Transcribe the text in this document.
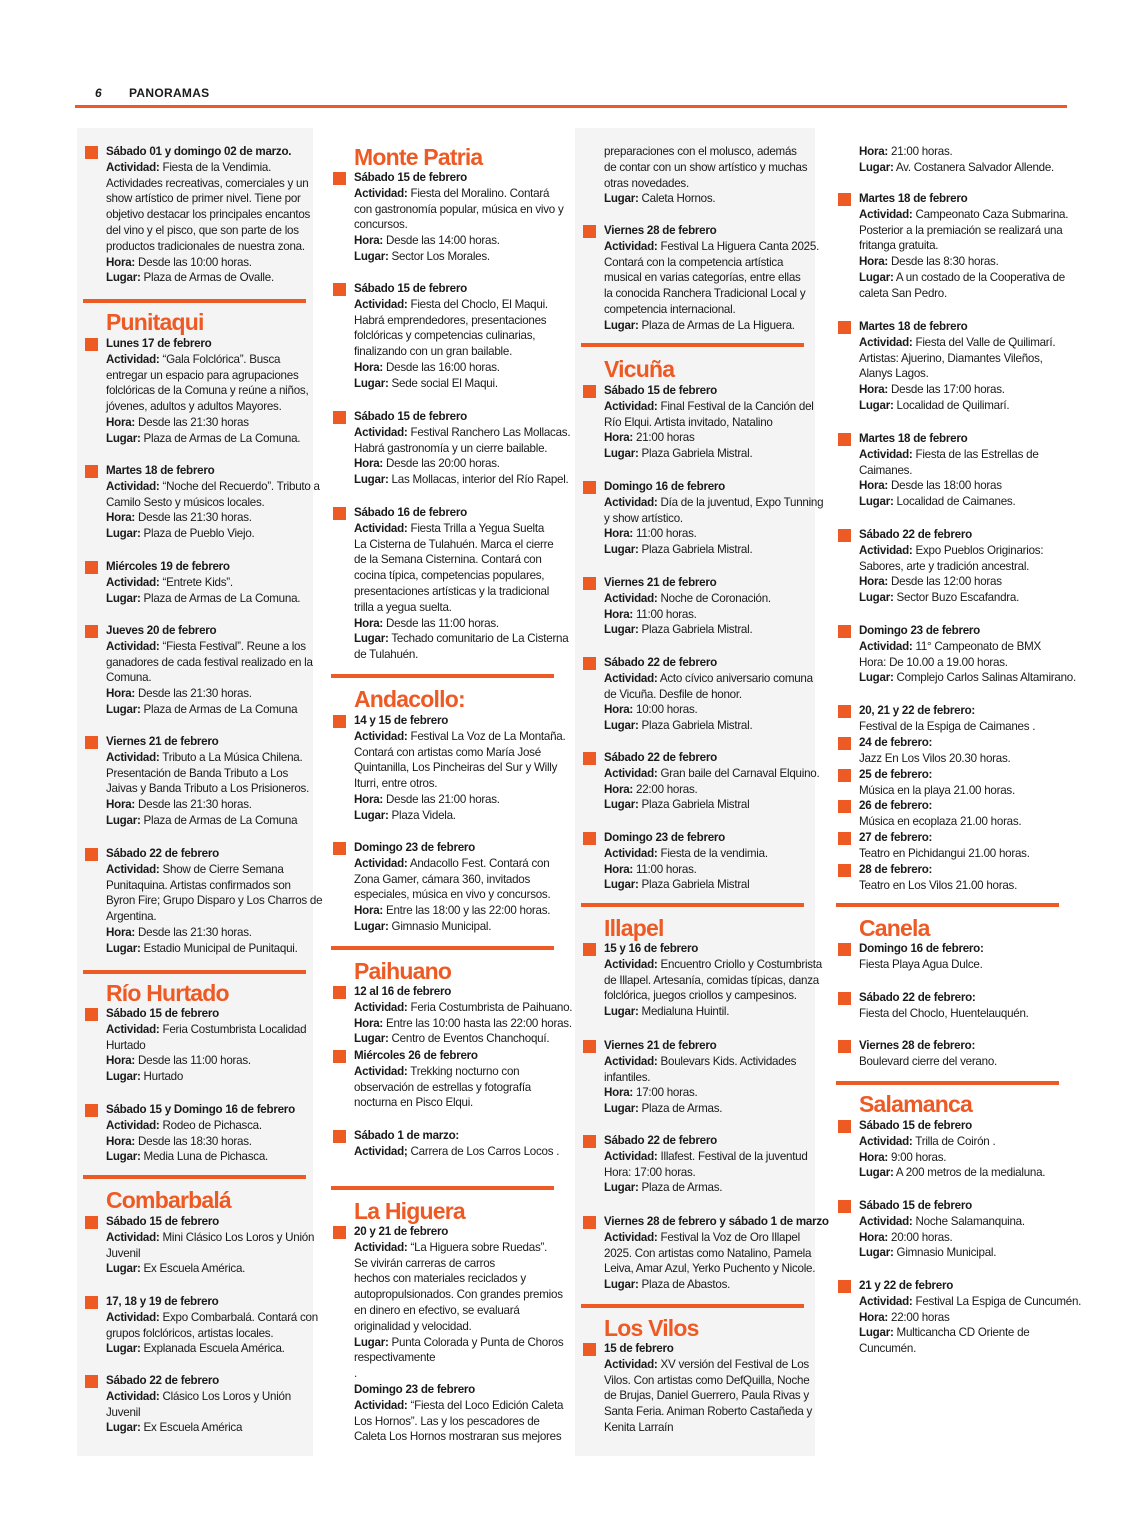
6 PANORAMAS
Sábado 01 y domingo 02 de marzo.
Actividad: Fiesta de la Vendimia.
Actividades recreativas, comerciales y un
show artístico de primer nivel. Tiene por
objetivo destacar los principales encantos
del vino y el pisco, que son parte de los
productos tradicionales de nuestra zona.
Hora: Desde las 10:00 horas.
Lugar: Plaza de Armas de Ovalle.
Punitaqui
Lunes 17 de febrero
Actividad: “Gala Folclórica”. Busca
entregar un espacio para agrupaciones
folclóricas de la Comuna y reúne a niños,
jóvenes, adultos y adultos Mayores.
Hora: Desde las 21:30 horas
Lugar: Plaza de Armas de La Comuna.
Martes 18 de febrero
Actividad: “Noche del Recuerdo”. Tributo a
Camilo Sesto y músicos locales.
Hora: Desde las 21:30 horas.
Lugar: Plaza de Pueblo Viejo.
Miércoles 19 de febrero
Actividad: “Entrete Kids”.
Lugar: Plaza de Armas de La Comuna.
Jueves 20 de febrero
Actividad: “Fiesta Festival”. Reune a los
ganadores de cada festival realizado en la
Comuna.
Hora: Desde las 21:30 horas.
Lugar: Plaza de Armas de La Comuna
Viernes 21 de febrero
Actividad: Tributo a La Música Chilena.
Presentación de Banda Tributo a Los
Jaivas y Banda Tributo a Los Prisioneros.
Hora: Desde las 21:30 horas.
Lugar: Plaza de Armas de La Comuna
Sábado 22 de febrero
Actividad: Show de Cierre Semana
Punitaquina. Artistas confirmados son
Byron Fire; Grupo Disparo y Los Charros de
Argentina.
Hora: Desde las 21:30 horas.
Lugar: Estadio Municipal de Punitaqui.
Río Hurtado
Sábado 15 de febrero
Actividad: Feria Costumbrista Localidad
Hurtado
Hora: Desde las 11:00 horas.
Lugar: Hurtado
Sábado 15 y Domingo 16 de febrero
Actividad: Rodeo de Pichasca.
Hora: Desde las 18:30 horas.
Lugar: Media Luna de Pichasca.
Combarbalá
Sábado 15 de febrero
Actividad: Mini Clásico Los Loros y Unión
Juvenil
Lugar: Ex Escuela América.
17, 18 y 19 de febrero
Actividad: Expo Combarbalá. Contará con
grupos folclóricos, artistas locales.
Lugar: Explanada Escuela América.
Sábado 22 de febrero
Actividad: Clásico Los Loros y Unión
Juvenil
Lugar: Ex Escuela América
Monte Patria
Sábado 15 de febrero
Actividad: Fiesta del Moralino. Contará
con gastronomía popular, música en vivo y
concursos.
Hora: Desde las 14:00 horas.
Lugar: Sector Los Morales.
Sábado 15 de febrero
Actividad: Fiesta del Choclo, El Maqui.
Habrá emprendedores, presentaciones
folclóricas y competencias culinarias,
finalizando con un gran bailable.
Hora: Desde las 16:00 horas.
Lugar: Sede social El Maqui.
Sábado 15 de febrero
Actividad: Festival Ranchero Las Mollacas.
Habrá gastronomía y un cierre bailable.
Hora: Desde las 20:00 horas.
Lugar: Las Mollacas, interior del Río Rapel.
Sábado 16 de febrero
Actividad: Fiesta Trilla a Yegua Suelta
La Cisterna de Tulahuén. Marca el cierre
de la Semana Cisternina. Contará con
cocina típica, competencias populares,
presentaciones artísticas y la tradicional
trilla a yegua suelta.
Hora: Desde las 11:00 horas.
Lugar: Techado comunitario de La Cisterna
de Tulahuén.
Andacollo:
14 y 15 de febrero
Actividad: Festival La Voz de La Montaña.
Contará con artistas como María José
Quintanilla, Los Pincheiras del Sur y Willy
Iturri, entre otros.
Hora: Desde las 21:00 horas.
Lugar: Plaza Videla.
Domingo 23 de febrero
Actividad: Andacollo Fest. Contará con
Zona Gamer, cámara 360, invitados
especiales, música en vivo y concursos.
Hora: Entre las 18:00 y las 22:00 horas.
Lugar: Gimnasio Municipal.
Paihuano
12 al 16 de febrero
Actividad: Feria Costumbrista de Paihuano.
Hora: Entre las 10:00 hasta las 22:00 horas.
Lugar: Centro de Eventos Chanchoquí.
Miércoles 26 de febrero
Actividad: Trekking nocturno con
observación de estrellas y fotografía
nocturna en Pisco Elqui.
Sábado 1 de marzo:
Actividad; Carrera de Los Carros Locos .
La Higuera
20 y 21 de febrero
Actividad: “La Higuera sobre Ruedas”.
Se vivirán carreras de carros
hechos con materiales reciclados y
autopropulsionados. Con grandes premios
en dinero en efectivo, se evaluará
originalidad y velocidad.
Lugar: Punta Colorada y Punta de Choros
respectivamente
.
Domingo 23 de febrero
Actividad: “Fiesta del Loco Edición Caleta
Los Hornos”. Las y los pescadores de
Caleta Los Hornos mostraran sus mejores
preparaciones con el molusco, además
de contar con un show artístico y muchas
otras novedades.
Lugar: Caleta Hornos.
Viernes 28 de febrero
Actividad: Festival La Higuera Canta 2025.
Contará con la competencia artística
musical en varias categorías, entre ellas
la conocida Ranchera Tradicional Local y
competencia internacional.
Lugar: Plaza de Armas de La Higuera.
Vicuña
Sábado 15 de febrero
Actividad: Final Festival de la Canción del
Río Elqui. Artista invitado, Natalino
Hora: 21:00 horas
Lugar: Plaza Gabriela Mistral.
Domingo 16 de febrero
Actividad: Día de la juventud, Expo Tunning
y show artístico.
Hora: 11:00 horas.
Lugar: Plaza Gabriela Mistral.
Viernes 21 de febrero
Actividad: Noche de Coronación.
Hora: 11:00 horas.
Lugar: Plaza Gabriela Mistral.
Sábado 22 de febrero
Actividad: Acto cívico aniversario comuna
de Vicuña. Desfile de honor.
Hora: 10:00 horas.
Lugar: Plaza Gabriela Mistral.
Sábado 22 de febrero
Actividad: Gran baile del Carnaval Elquino.
Hora: 22:00 horas.
Lugar: Plaza Gabriela Mistral
Domingo 23 de febrero
Actividad: Fiesta de la vendimia.
Hora: 11:00 horas.
Lugar: Plaza Gabriela Mistral
Illapel
15 y 16 de febrero
Actividad: Encuentro Criollo y Costumbrista
de Illapel. Artesanía, comidas típicas, danza
folclórica, juegos criollos y campesinos.
Lugar: Medialuna Huintil.
Viernes 21 de febrero
Actividad: Boulevars Kids. Actividades
infantiles.
Hora: 17:00 horas.
Lugar: Plaza de Armas.
Sábado 22 de febrero
Actividad: Illafest. Festival de la juventud
Hora: 17:00 horas.
Lugar: Plaza de Armas.
Viernes 28 de febrero y sábado 1 de marzo
Actividad: Festival la Voz de Oro Illapel
2025. Con artistas como Natalino, Pamela
Leiva, Amar Azul, Yerko Puchento y Nicole.
Lugar: Plaza de Abastos.
Los Vilos
15 de febrero
Actividad: XV versión del Festival de Los
Vilos. Con artistas como DefQuilla, Noche
de Brujas, Daniel Guerrero, Paula Rivas y
Santa Feria. Animan Roberto Castañeda y
Kenita Larraín
Hora: 21:00 horas.
Lugar: Av. Costanera Salvador Allende.
Martes 18 de febrero
Actividad: Campeonato Caza Submarina.
Posterior a la premiación se realizará una
fritanga gratuita.
Hora: Desde las 8:30 horas.
Lugar: A un costado de la Cooperativa de
caleta San Pedro.
Martes 18 de febrero
Actividad: Fiesta del Valle de Quilimarí.
Artistas: Ajuerino, Diamantes Vileños,
Alanys Lagos.
Hora: Desde las 17:00 horas.
Lugar: Localidad de Quilimarí.
Martes 18 de febrero
Actividad: Fiesta de las Estrellas de
Caimanes.
Hora: Desde las 18:00 horas
Lugar: Localidad de Caimanes.
Sábado 22 de febrero
Actividad: Expo Pueblos Originarios:
Sabores, arte y tradición ancestral.
Hora: Desde las 12:00 horas
Lugar: Sector Buzo Escafandra.
Domingo 23 de febrero
Actividad: 11° Campeonato de BMX
Hora: De 10.00 a 19.00 horas.
Lugar: Complejo Carlos Salinas Altamirano.
20, 21 y 22 de febrero:
Festival de la Espiga de Caimanes .
24 de febrero:
Jazz En Los Vilos 20.30 horas.
25 de febrero:
Música en la playa 21.00 horas.
26 de febrero:
Música en ecoplaza 21.00 horas.
27 de febrero:
Teatro en Pichidangui 21.00 horas.
28 de febrero:
Teatro en Los Vilos 21.00 horas.
Canela
Domingo 16 de febrero:
Fiesta Playa Agua Dulce.
Sábado 22 de febrero:
Fiesta del Choclo, Huentelauquén.
Viernes 28 de febrero:
Boulevard cierre del verano.
Salamanca
Sábado 15 de febrero
Actividad: Trilla de Coirón .
Hora: 9:00 horas.
Lugar: A 200 metros de la medialuna.
Sábado 15 de febrero
Actividad: Noche Salamanquina.
Hora: 20:00 horas.
Lugar: Gimnasio Municipal.
21 y 22 de febrero
Actividad: Festival La Espiga de Cuncumén.
Hora: 22:00 horas
Lugar: Multicancha CD Oriente de
Cuncumén.
